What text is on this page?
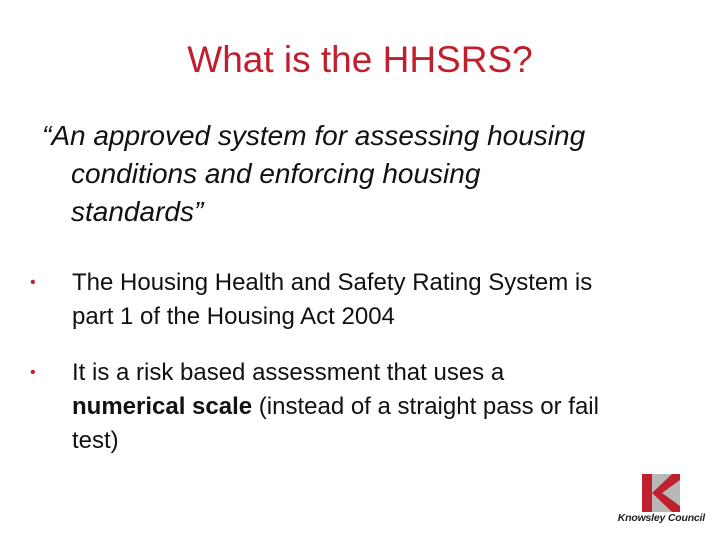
What is the HHSRS?
“An approved system for assessing housing
conditions and enforcing housing
standards”
•	The Housing Health and Safety Rating System is
part 1 of the Housing Act 2004
•	It is a risk based assessment that uses a
numerical scale (instead of a straight pass or fail
test)
Knowsley Council
